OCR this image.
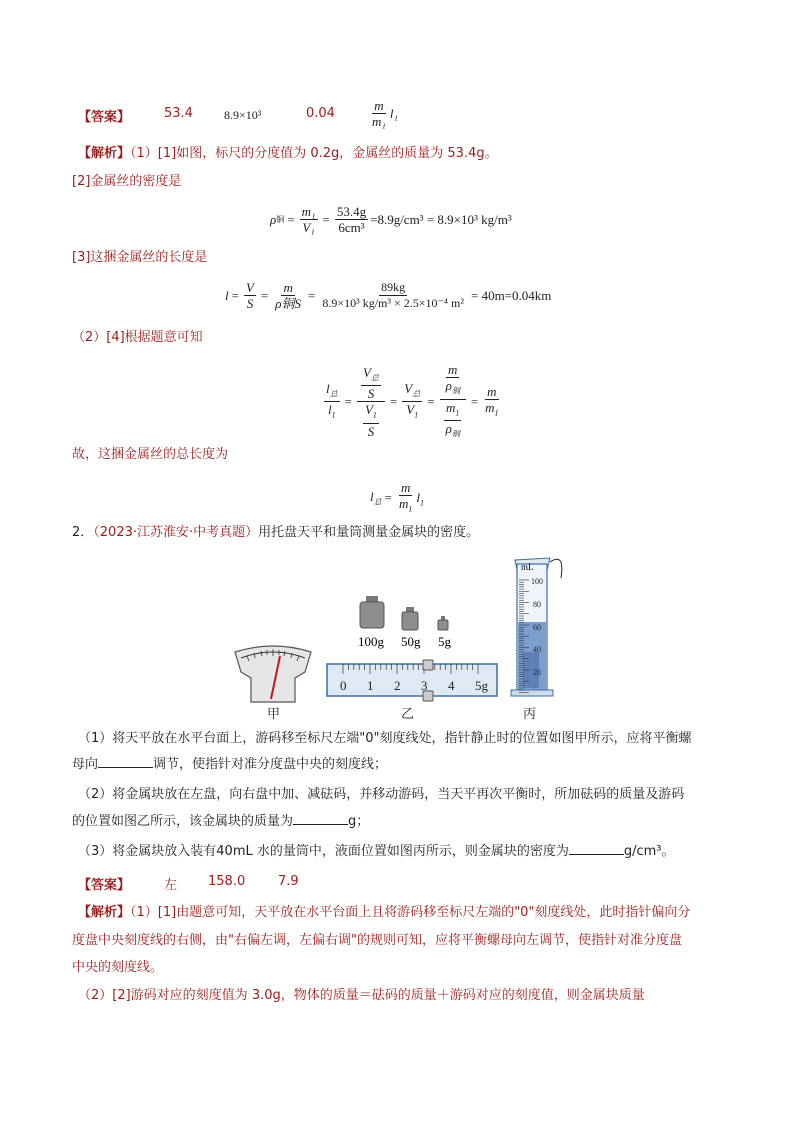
【答案】	53.4	8.9×10³	0.04	$\frac{m}{\text{m₁}} l_1$
【解析】（1）[1]如图，标尺的分度值为 0.2g，金属丝的质量为 53.4g。
[2]金属丝的密度是
ρ 铜 = $\frac{\text{m₁}}{\text{V₁}} = \frac{53.4g}{\text{6cm³}} =8.9g/cm^3 = 8.9\times 10^3$ kg/m³
[3]这捆金属丝的长度是
$l = \frac{V}{S} = \frac{m}{\text{ρ铜S}} = \frac{89kg}{\text{8.9×10³ kg/m³ × 2.5×10⁻⁴ m²}} = 40m=0.04km$
（2）[4]根据题意可知
$\frac{l_总}{l_1} = \frac{\frac{V_总}{S}}{\frac{V_1}{S}} = \frac{V_总}{V_1} = \frac{\frac{m}{\rho_铜}}{\frac{m_1}{\rho_铜}} = \frac{m}{m_1}$
故，这捆金属丝的总长度为
$l_总 = \frac{m}{m_1} l_1$
2．（2023·江苏淮安·中考真题）用托盘天平和量筒测量金属块的密度。
100g 50g 5g
0 1 2 3 4 5g
mL
100
80
60
40
20
甲	乙	丙
（1）将天平放在水平台面上，游码移至标尺左端"0"刻度线处，指针静止时的位置如图甲所示，应将平衡螺
母向	调节，使指针对准分度盘中央的刻度线；
（2）将金属块放在左盘，向右盘中加、减砝码，并移动游码，当天平再次平衡时，所加砝码的质量及游码
的位置如图乙所示，该金属块的质量为	g；
（3）将金属块放入装有40mL 水的量筒中，液面位置如图丙所示，则金属块的密度为	g/cm³。
【答案】	左 158.0	7.9
【解析】（1）[1]由题意可知，天平放在水平台面上且将游码移至标尺左端的"0"刻度线处，此时指针偏向分
度盘中央刻度线的右侧，由"右偏左调，左偏右调"的规则可知，应将平衡螺母向左调节，使指针对准分度盘
中央的刻度线。
（2）[2]游码对应的刻度值为 3.0g，物体的质量＝砝码的质量＋游码对应的刻度值，则金属块质量
